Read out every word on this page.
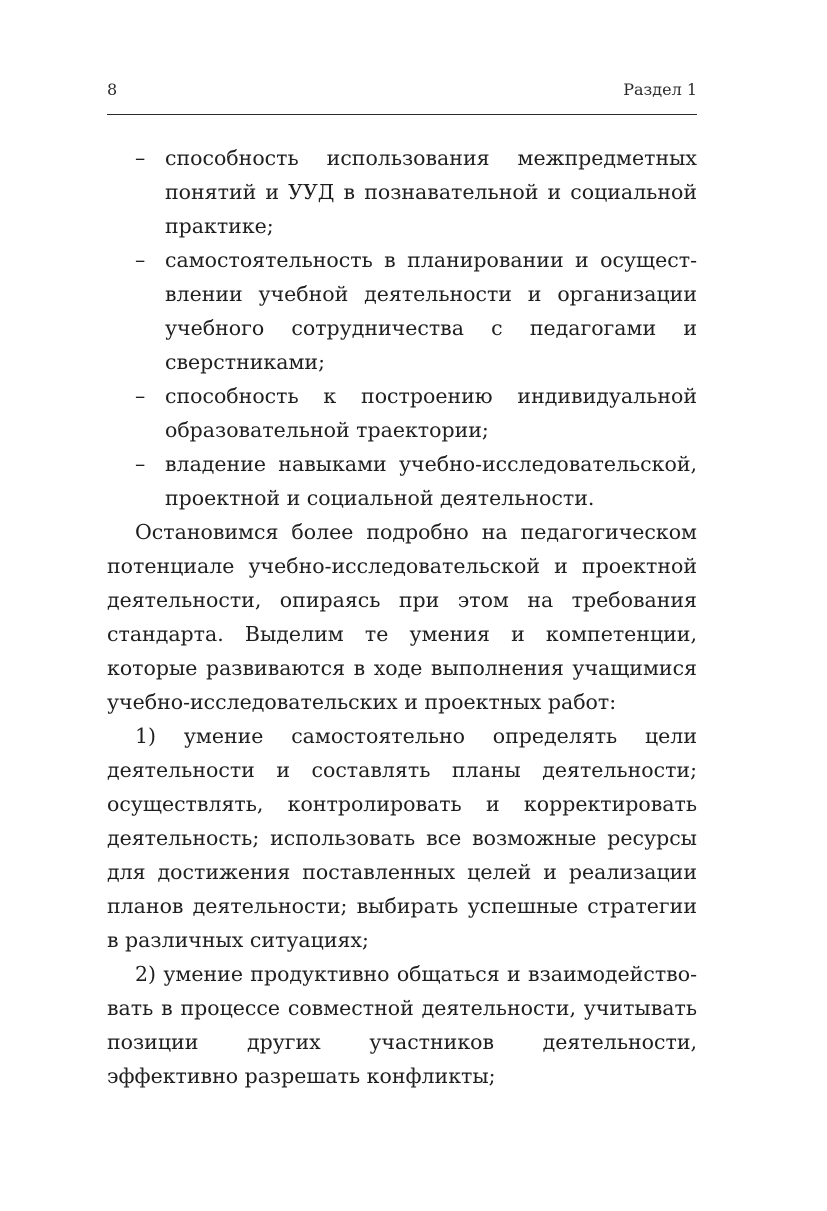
8	Раздел 1
– способность использования межпредметных понятий и УУД в познавательной и социальной практике;
– самостоятельность в планировании и осуществлении учебной деятельности и организации учебного сотрудничества с педагогами и сверстниками;
– способность к построению индивидуальной образовательной траектории;
– владение навыками учебно-исследовательской, проектной и социальной деятельности.

Остановимся более подробно на педагогическом потенциале учебно-исследовательской и проектной деятельности, опираясь при этом на требования стандарта. Выделим те умения и компетенции, которые развиваются в ходе выполнения учащимися учебно-исследовательских и проектных работ:

1) умение самостоятельно определять цели деятельности и составлять планы деятельности; осуществлять, контролировать и корректировать деятельность; использовать все возможные ресурсы для достижения поставленных целей и реализации планов деятельности; выбирать успешные стратегии в различных ситуациях;

2) умение продуктивно общаться и взаимодействовать в процессе совместной деятельности, учитывать позиции других участников деятельности, эффективно разрешать конфликты;
